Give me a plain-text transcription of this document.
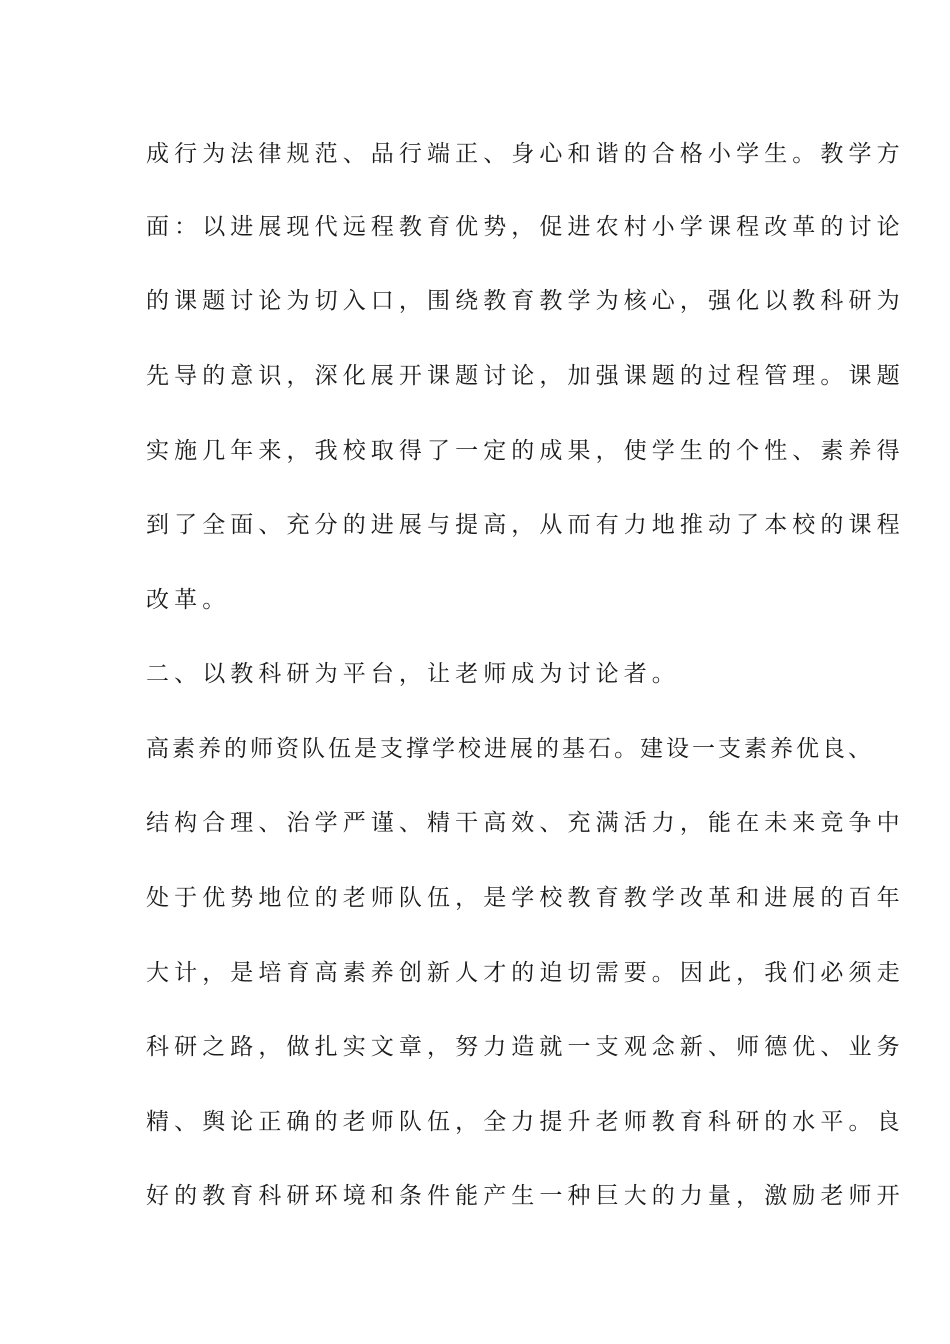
成行为法律规范、品行端正、身心和谐的合格小学生。教学方

面：以进展现代远程教育优势，促进农村小学课程改革的讨论

的课题讨论为切入口，围绕教育教学为核心，强化以教科研为

先导的意识，深化展开课题讨论，加强课题的过程管理。课题

实施几年来，我校取得了一定的成果，使学生的个性、素养得

到了全面、充分的进展与提高，从而有力地推动了本校的课程

改革。

二、以教科研为平台，让老师成为讨论者。

高素养的师资队伍是支撑学校进展的基石。建设一支素养优良、

结构合理、治学严谨、精干高效、充满活力，能在未来竞争中

处于优势地位的老师队伍，是学校教育教学改革和进展的百年

大计，是培育高素养创新人才的迫切需要。因此，我们必须走

科研之路，做扎实文章，努力造就一支观念新、师德优、业务

精、舆论正确的老师队伍，全力提升老师教育科研的水平。良

好的教育科研环境和条件能产生一种巨大的力量，激励老师开
